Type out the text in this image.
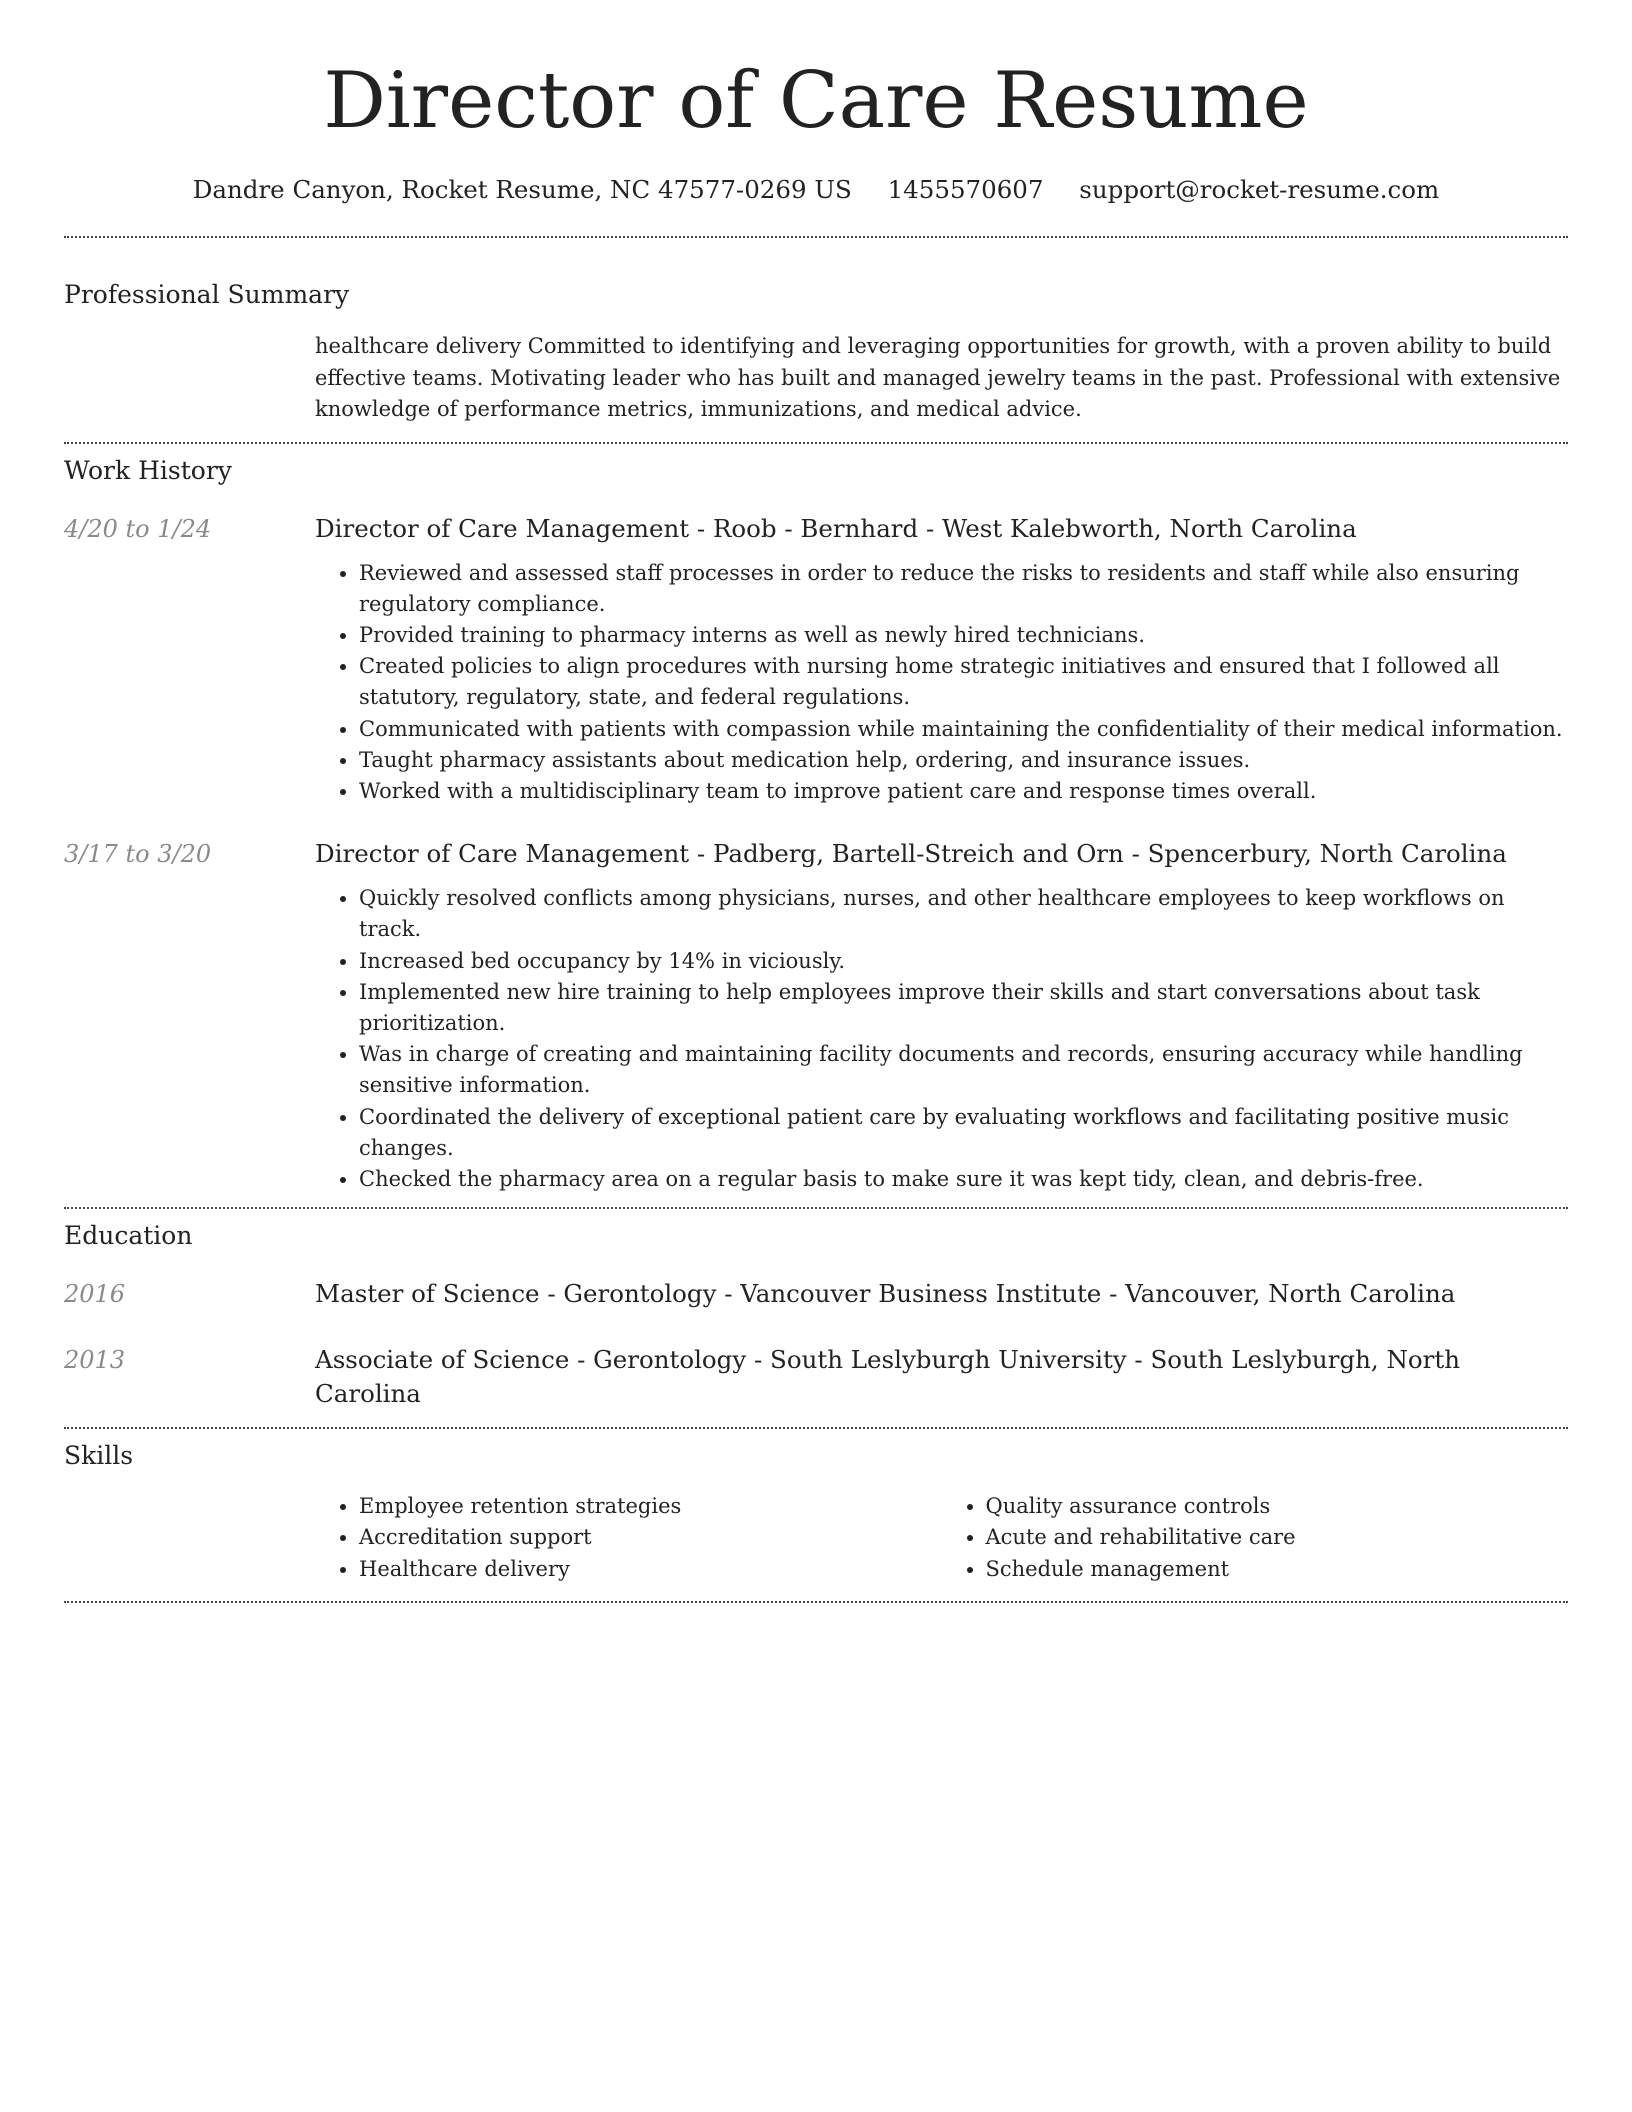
Director of Care Resume
Dandre Canyon, Rocket Resume, NC 47577-0269 US 1455570607 support@rocket-resume.com
Professional Summary

healthcare delivery Committed to identifying and leveraging opportunities for growth, with a proven ability to build effective teams. Motivating leader who has built and managed jewelry teams in the past. Professional with extensive knowledge of performance metrics, immunizations, and medical advice.

Work History
4/20 to 1/24	Director of Care Management - Roob - Bernhard - West Kalebworth, North Carolina
• Reviewed and assessed staff processes in order to reduce the risks to residents and staff while also ensuring regulatory compliance.
• Provided training to pharmacy interns as well as newly hired technicians.
• Created policies to align procedures with nursing home strategic initiatives and ensured that I followed all statutory, regulatory, state, and federal regulations.
• Communicated with patients with compassion while maintaining the confidentiality of their medical information.
• Taught pharmacy assistants about medication help, ordering, and insurance issues.
• Worked with a multidisciplinary team to improve patient care and response times overall.
3/17 to 3/20	Director of Care Management - Padberg, Bartell-Streich and Orn - Spencerbury, North Carolina
• Quickly resolved conflicts among physicians, nurses, and other healthcare employees to keep workflows on track.
• Increased bed occupancy by 14% in viciously.
• Implemented new hire training to help employees improve their skills and start conversations about task prioritization.
• Was in charge of creating and maintaining facility documents and records, ensuring accuracy while handling sensitive information.
• Coordinated the delivery of exceptional patient care by evaluating workflows and facilitating positive music changes.
• Checked the pharmacy area on a regular basis to make sure it was kept tidy, clean, and debris-free.
Education
2016	Master of Science - Gerontology - Vancouver Business Institute - Vancouver, North Carolina
2013	Associate of Science - Gerontology - South Leslyburgh University - South Leslyburgh, North Carolina
Skills
• Employee retention strategies
• Accreditation support
• Healthcare delivery
• Quality assurance controls
• Acute and rehabilitative care
• Schedule management
